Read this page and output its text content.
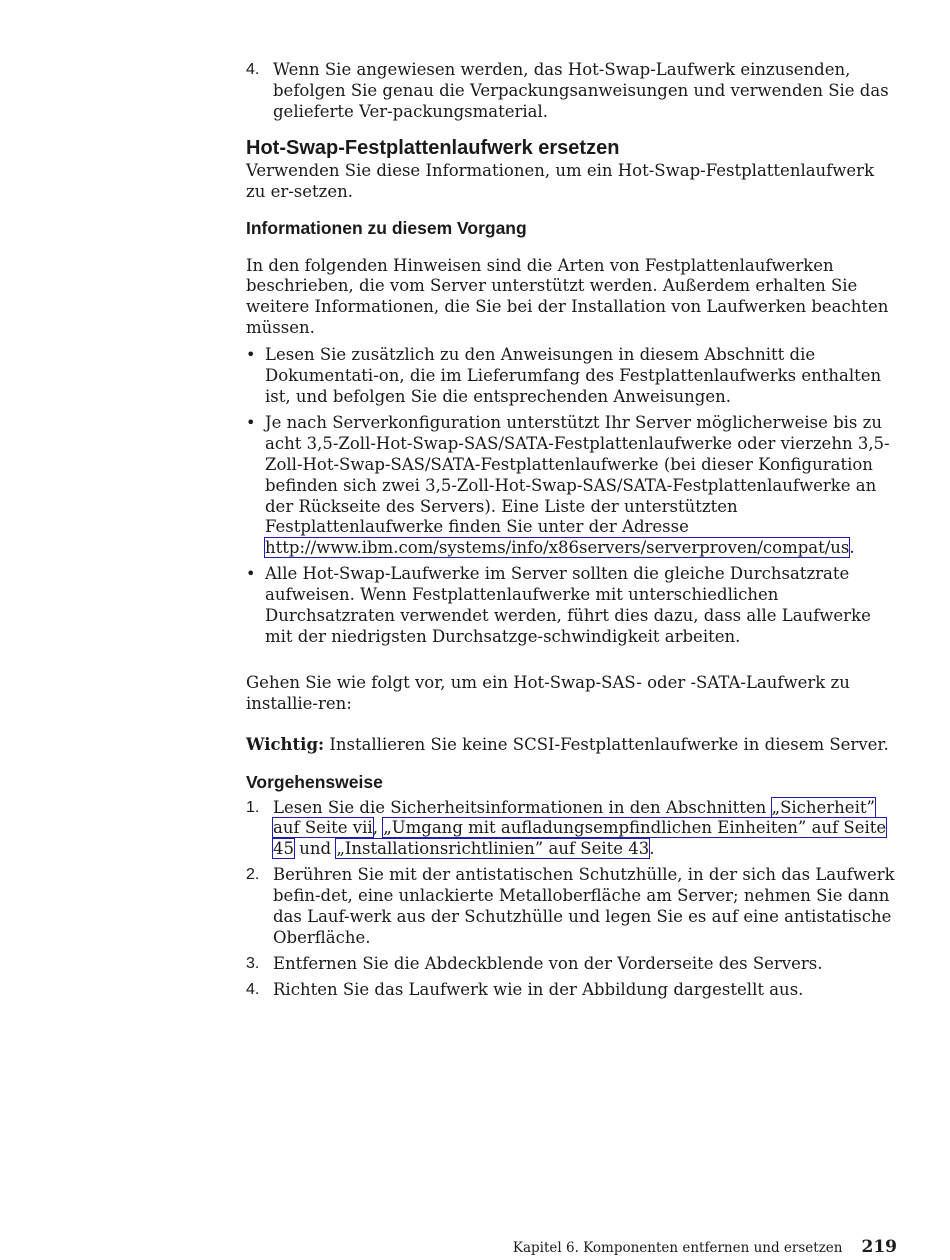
4. Wenn Sie angewiesen werden, das Hot-Swap-Laufwerk einzusenden, befolgen Sie genau die Verpackungsanweisungen und verwenden Sie das gelieferte Ver-packungsmaterial.

Hot-Swap-Festplattenlaufwerk ersetzen

Verwenden Sie diese Informationen, um ein Hot-Swap-Festplattenlaufwerk zu er-setzen.

Informationen zu diesem Vorgang

In den folgenden Hinweisen sind die Arten von Festplattenlaufwerken beschrieben, die vom Server unterstützt werden. Außerdem erhalten Sie weitere Informationen, die Sie bei der Installation von Laufwerken beachten müssen.

• Lesen Sie zusätzlich zu den Anweisungen in diesem Abschnitt die Dokumentati-on, die im Lieferumfang des Festplattenlaufwerks enthalten ist, und befolgen Sie die entsprechenden Anweisungen.

• Je nach Serverkonfiguration unterstützt Ihr Server möglicherweise bis zu acht 3,5-Zoll-Hot-Swap-SAS/SATA-Festplattenlaufwerke oder vierzehn 3,5-Zoll-Hot-Swap-SAS/SATA-Festplattenlaufwerke (bei dieser Konfiguration befinden sich zwei 3,5-Zoll-Hot-Swap-SAS/SATA-Festplattenlaufwerke an der Rückseite des Servers). Eine Liste der unterstützten Festplattenlaufwerke finden Sie unter der Adresse http://www.ibm.com/systems/info/x86servers/serverproven/compat/us.

• Alle Hot-Swap-Laufwerke im Server sollten die gleiche Durchsatzrate aufweisen. Wenn Festplattenlaufwerke mit unterschiedlichen Durchsatzraten verwendet werden, führt dies dazu, dass alle Laufwerke mit der niedrigsten Durchsatzge-schwindigkeit arbeiten.

Gehen Sie wie folgt vor, um ein Hot-Swap-SAS- oder -SATA-Laufwerk zu installie-ren:

Wichtig: Installieren Sie keine SCSI-Festplattenlaufwerke in diesem Server.

Vorgehensweise
1. Lesen Sie die Sicherheitsinformationen in den Abschnitten „Sicherheit” auf Seite vii, „Umgang mit aufladungsempfindlichen Einheiten” auf Seite 45 und „Installationsrichtlinien” auf Seite 43.

2. Berühren Sie mit der antistatischen Schutzhülle, in der sich das Laufwerk befin-det, eine unlackierte Metalloberfläche am Server; nehmen Sie dann das Lauf-werk aus der Schutzhülle und legen Sie es auf eine antistatische Oberfläche.

3. Entfernen Sie die Abdeckblende von der Vorderseite des Servers.

4. Richten Sie das Laufwerk wie in der Abbildung dargestellt aus.

Kapitel 6. Komponenten entfernen und ersetzen 219
